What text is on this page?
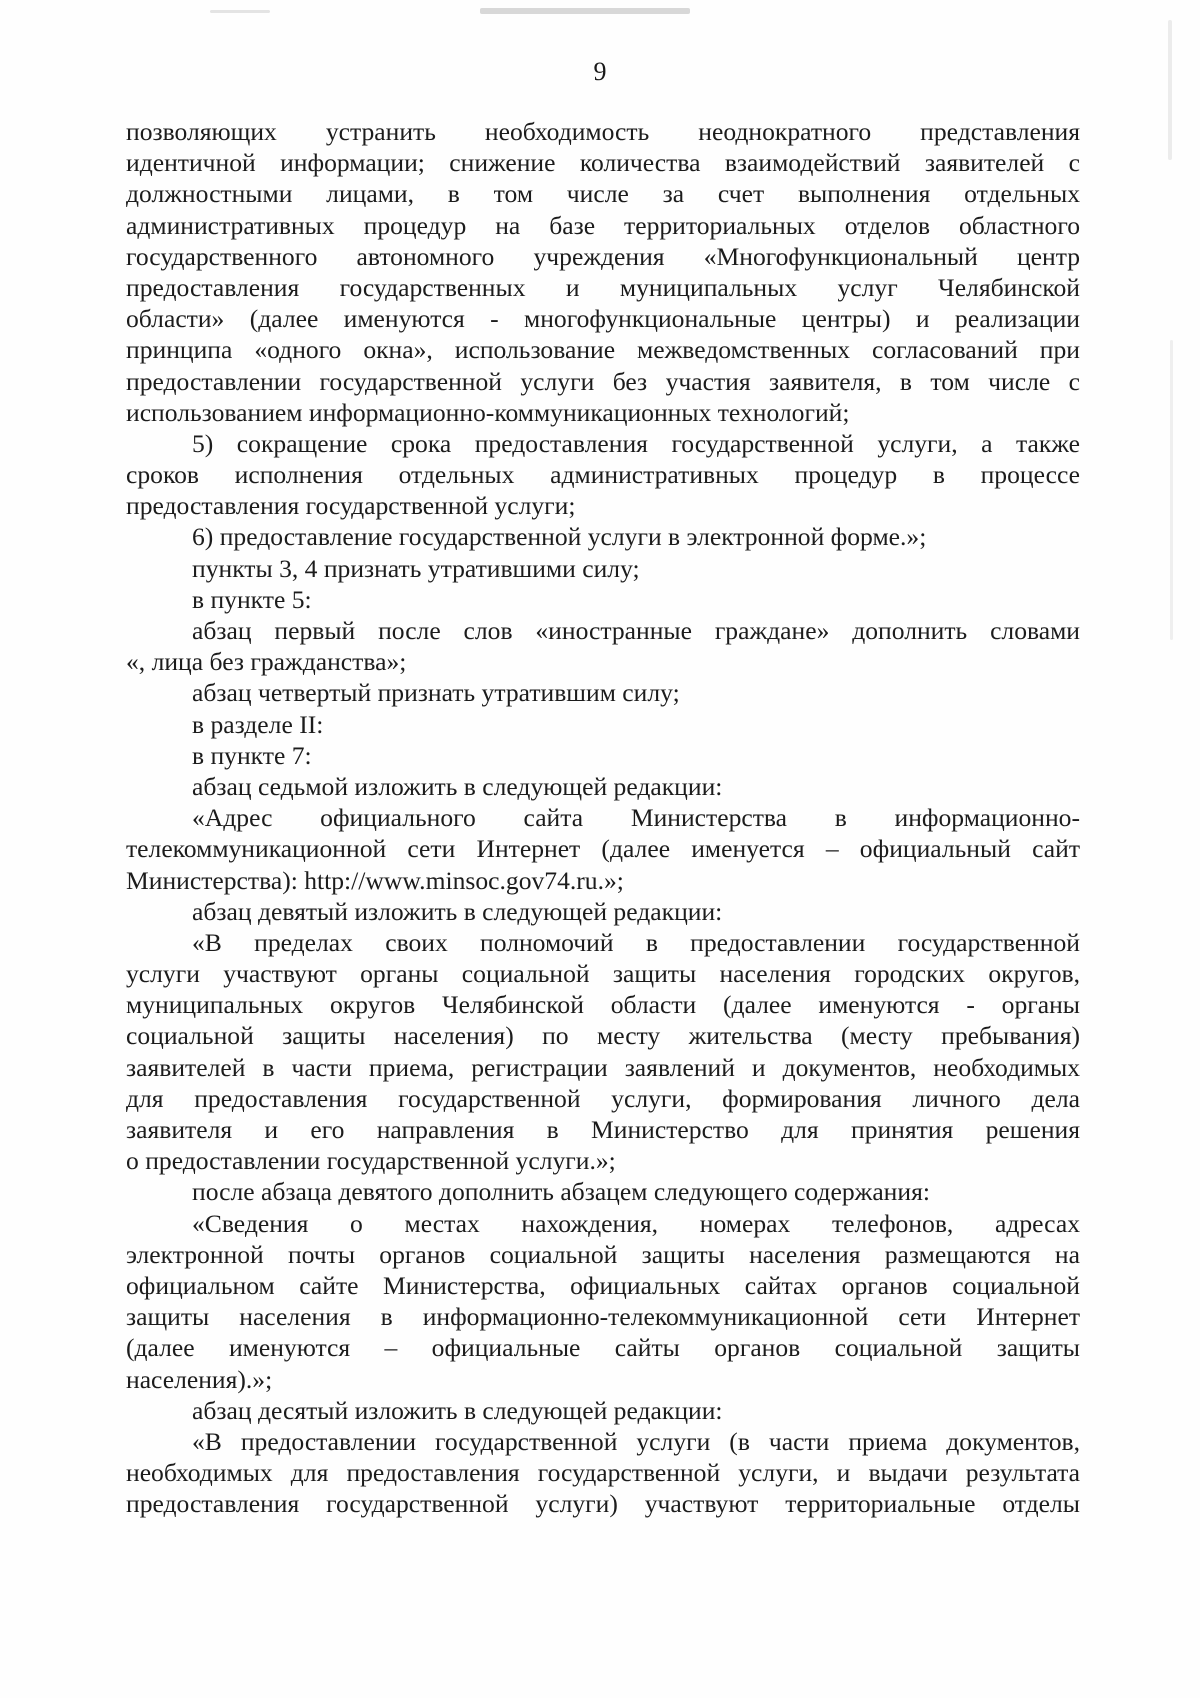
9
позволяющих устранить необходимость неоднократного представления
идентичной информации; снижение количества взаимодействий заявителей с
должностными лицами, в том числе за счет выполнения отдельных
административных процедур на базе территориальных отделов областного
государственного автономного учреждения «Многофункциональный центр
предоставления государственных и муниципальных услуг Челябинской
области» (далее именуются - многофункциональные центры) и реализации
принципа «одного окна», использование межведомственных согласований при
предоставлении государственной услуги без участия заявителя, в том числе с
использованием информационно-коммуникационных технологий;
5) сокращение срока предоставления государственной услуги, а также
сроков исполнения отдельных административных процедур в процессе
предоставления государственной услуги;
6) предоставление государственной услуги в электронной форме.»;
пункты 3, 4 признать утратившими силу;
в пункте 5:
абзац первый после слов «иностранные граждане» дополнить словами
«, лица без гражданства»;
абзац четвертый признать утратившим силу;
в разделе II:
в пункте 7:
абзац седьмой изложить в следующей редакции:
«Адрес официального сайта Министерства в информационно-
телекоммуникационной сети Интернет (далее именуется – официальный сайт
Министерства): http://www.minsoc.gov74.ru.»;
абзац девятый изложить в следующей редакции:
«В пределах своих полномочий в предоставлении государственной
услуги участвуют органы социальной защиты населения городских округов,
муниципальных округов Челябинской области (далее именуются - органы
социальной защиты населения) по месту жительства (месту пребывания)
заявителей в части приема, регистрации заявлений и документов, необходимых
для предоставления государственной услуги, формирования личного дела
заявителя и его направления в Министерство для принятия решения
о предоставлении государственной услуги.»;
после абзаца девятого дополнить абзацем следующего содержания:
«Сведения о местах нахождения, номерах телефонов, адресах
электронной почты органов социальной защиты населения размещаются на
официальном сайте Министерства, официальных сайтах органов социальной
защиты населения в информационно-телекоммуникационной сети Интернет
(далее именуются – официальные сайты органов социальной защиты
населения).»;
абзац десятый изложить в следующей редакции:
«В предоставлении государственной услуги (в части приема документов,
необходимых для предоставления государственной услуги, и выдачи результата
предоставления государственной услуги) участвуют территориальные отделы
